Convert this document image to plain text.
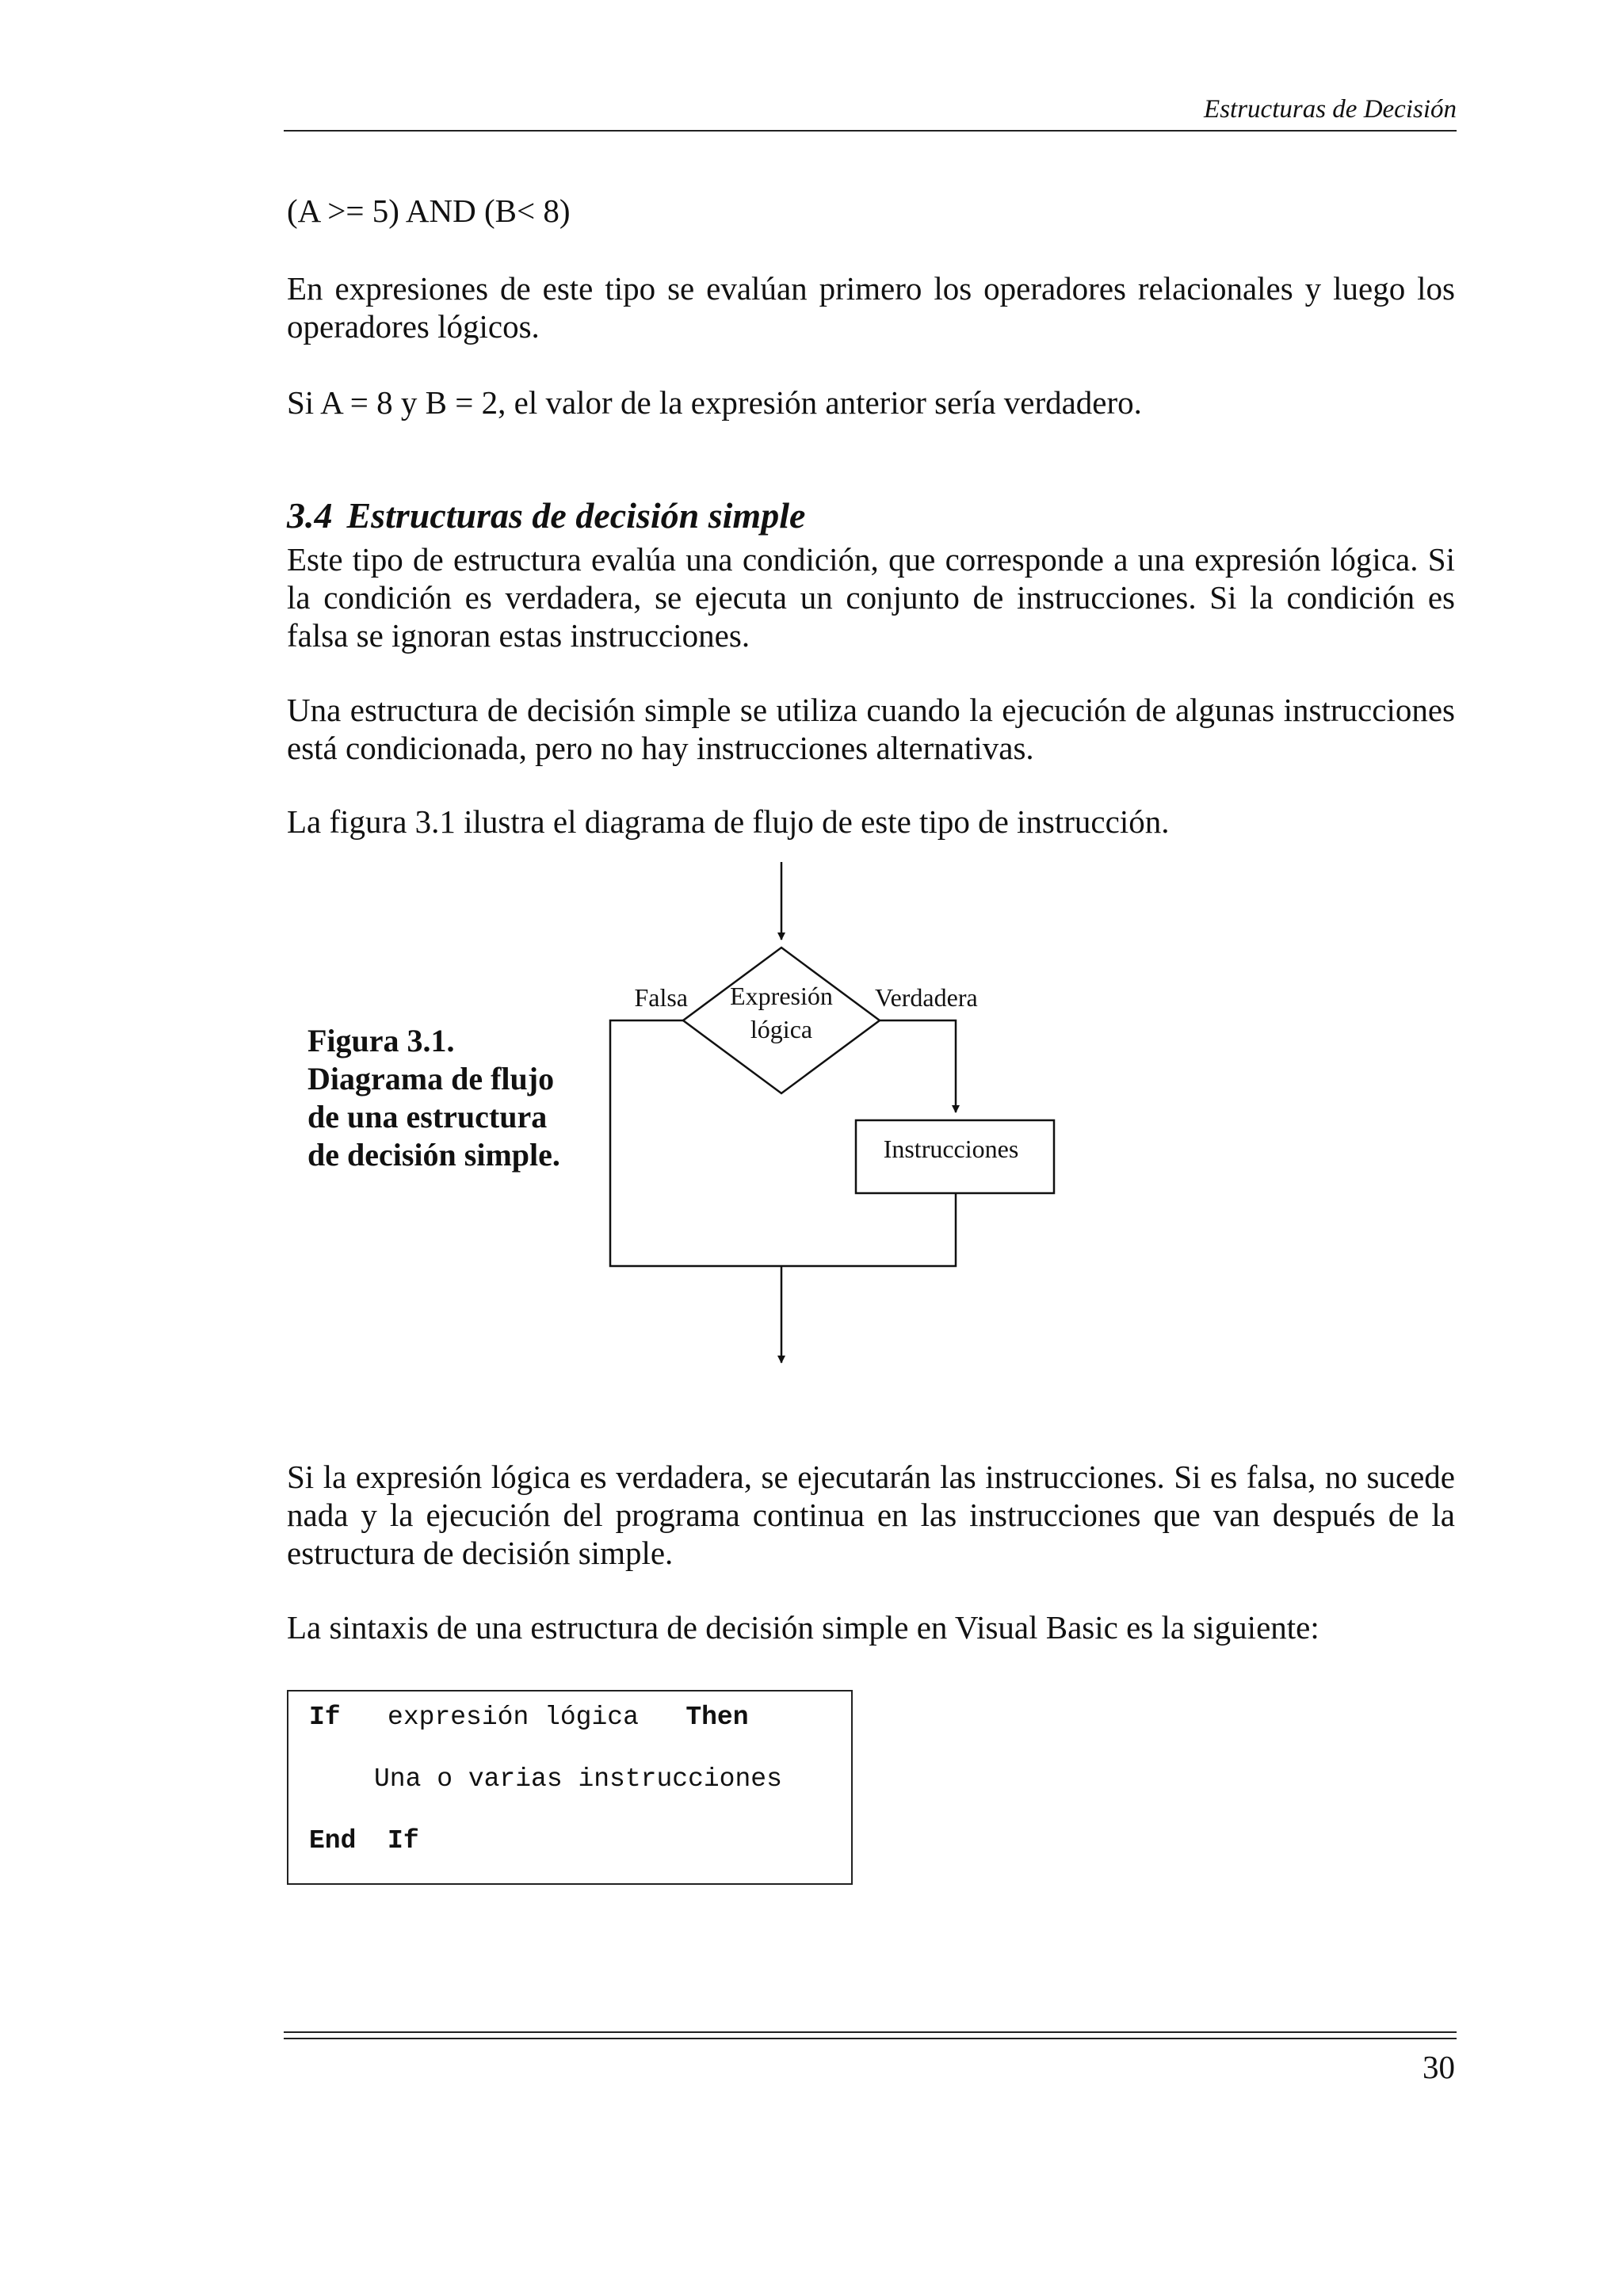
Estructuras de Decisión

(A >= 5) AND (B< 8)

En expresiones de este tipo se evalúan primero los operadores relacionales y luego los operadores lógicos.

Si A = 8 y B = 2, el valor de la expresión anterior sería verdadero.

3.4 Estructuras de decisión simple

Este tipo de estructura evalúa una condición, que corresponde a una expresión lógica. Si la condición es verdadera, se ejecuta un conjunto de instrucciones. Si la condición es falsa se ignoran estas instrucciones.

Una estructura de decisión simple se utiliza cuando la ejecución de algunas instrucciones está condicionada, pero no hay instrucciones alternativas.

La figura 3.1 ilustra el diagrama de flujo de este tipo de instrucción.

Figura 3.1.
Diagrama de flujo
de una estructura
de decisión simple.
Expresión
lógica
Falsa	Verdadera
Instrucciones

Si la expresión lógica es verdadera, se ejecutarán las instrucciones. Si es falsa, no sucede nada y la ejecución del programa continua en las instrucciones que van después de la estructura de decisión simple.

La sintaxis de una estructura de decisión simple en Visual Basic es la siguiente:

If expresión lógica Then
Una o varias instrucciones
End If
30
